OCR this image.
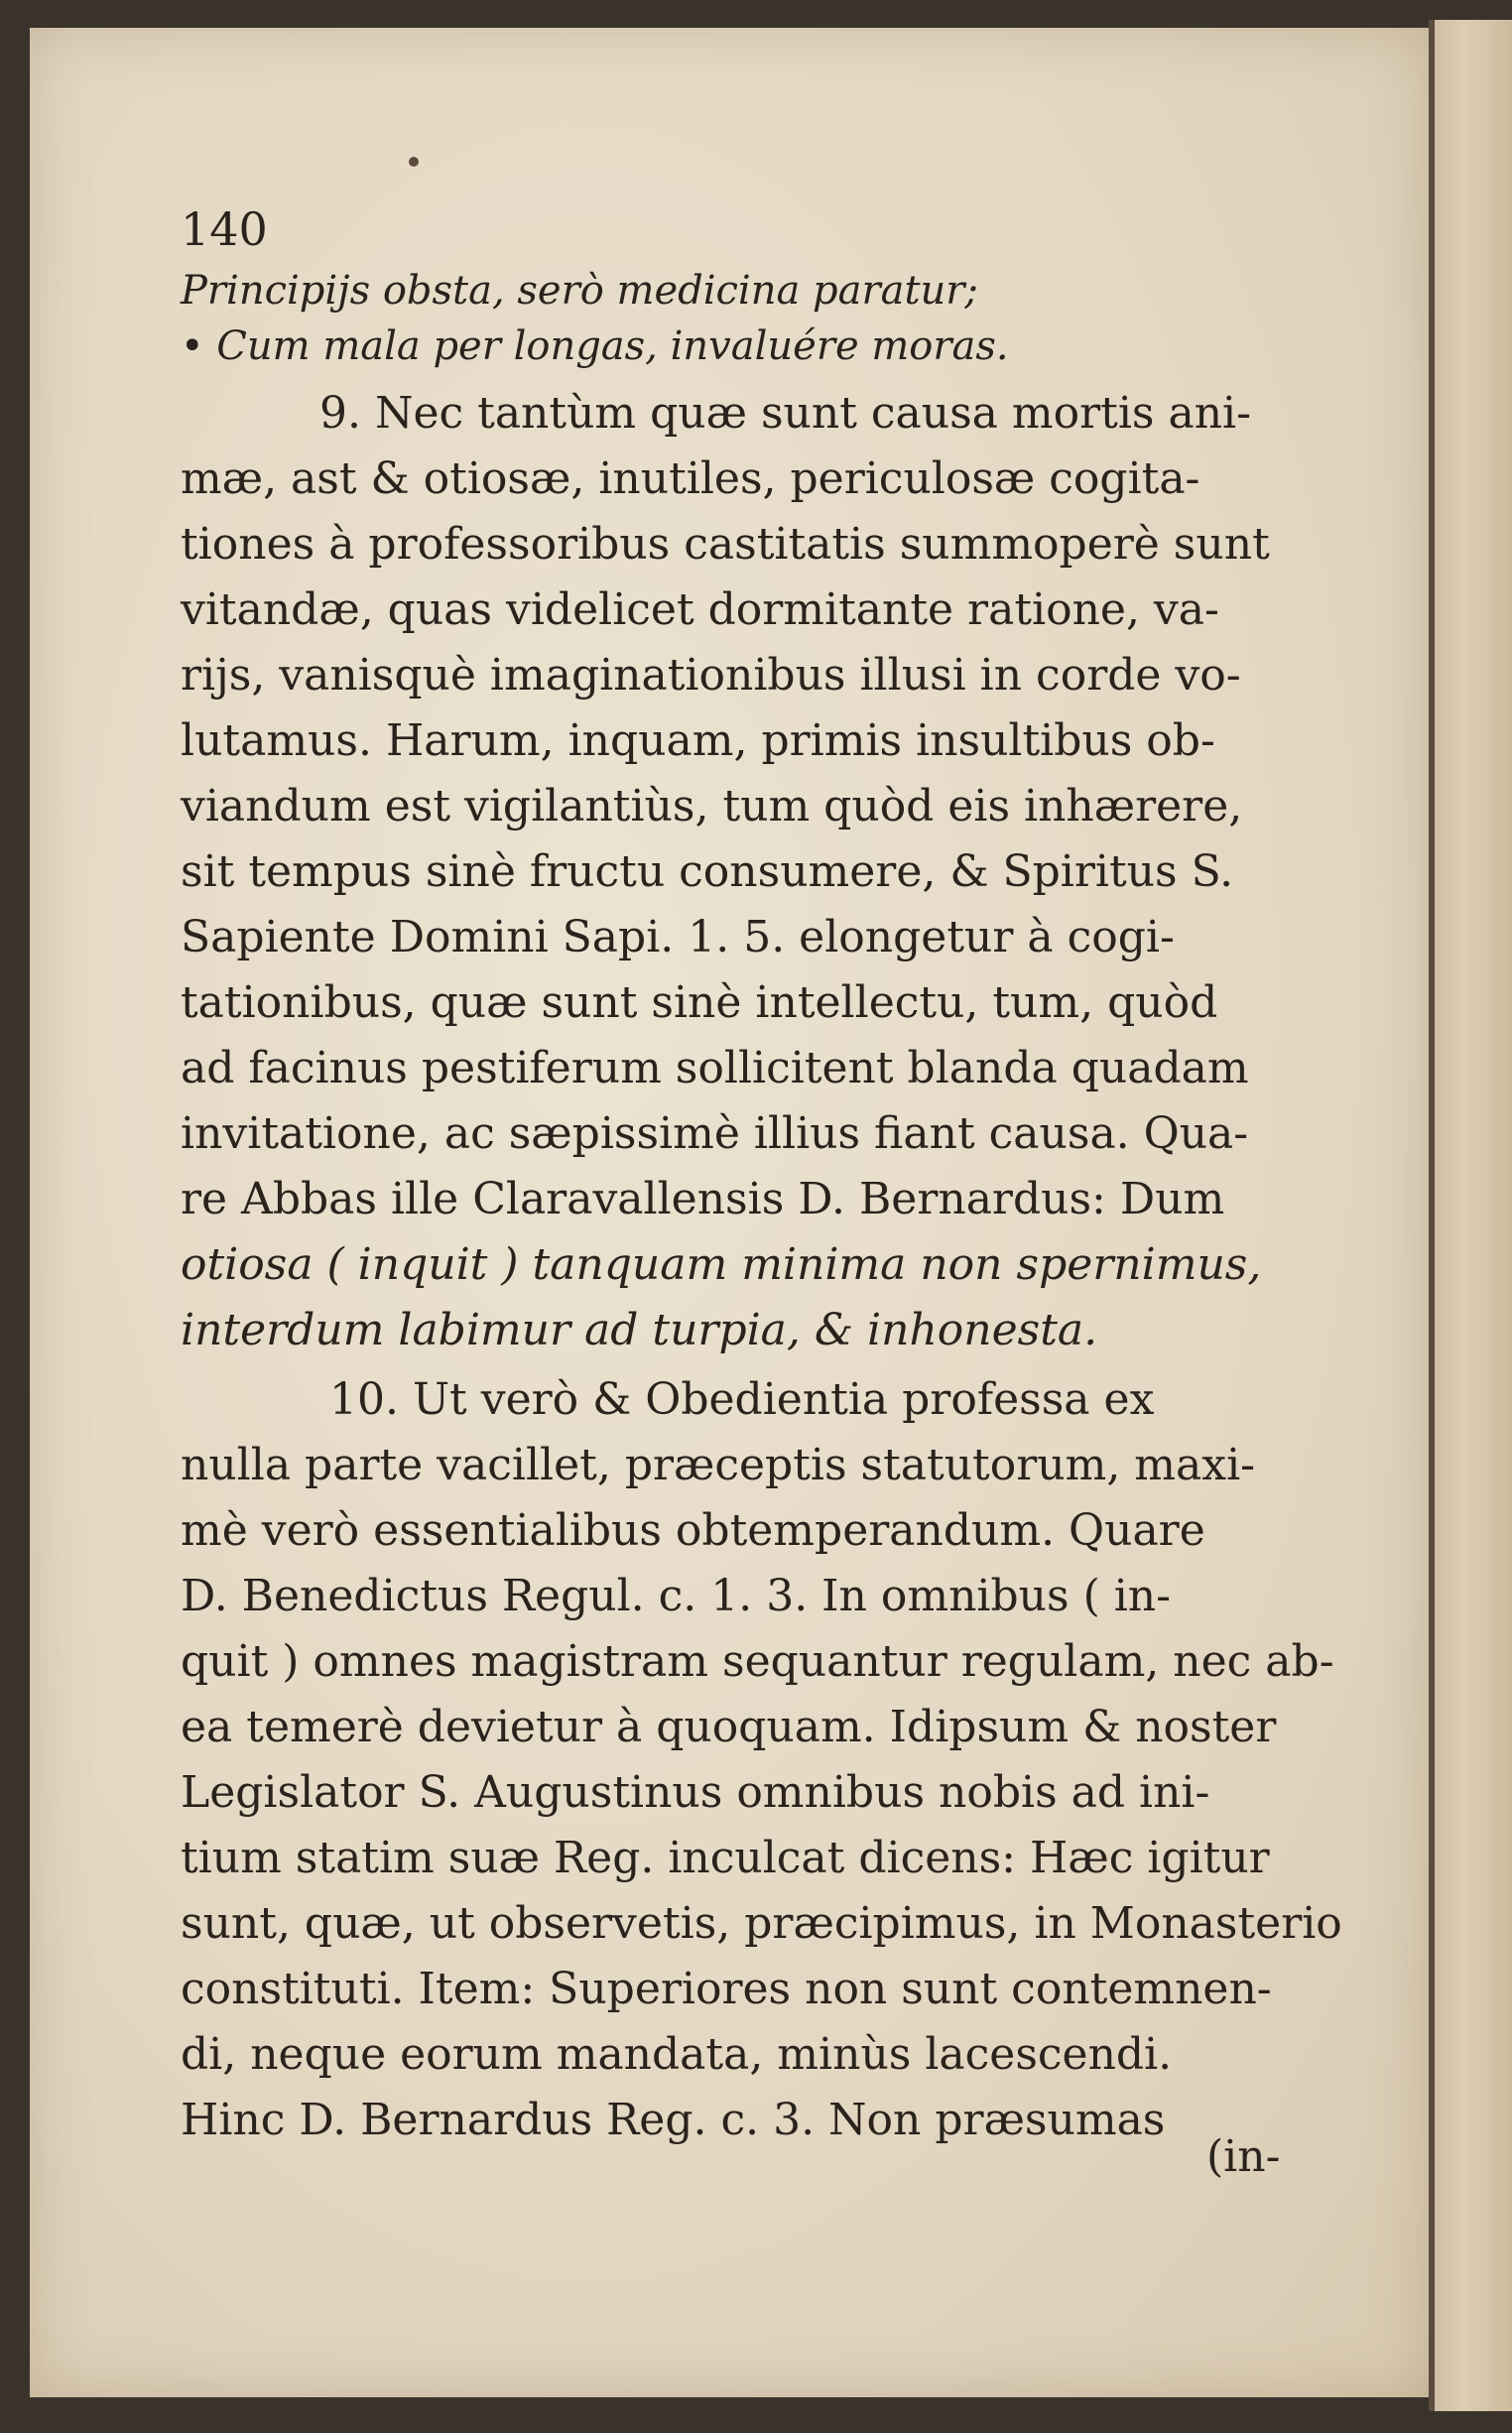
140
Principijs obsta, serò medicina paratur;
• Cum mala per longas, invaluére moras.
9. Nec tantùm quæ sunt causa mortis ani-
mæ, ast & otiosæ, inutiles, periculosæ cogita-
tiones à professoribus castitatis summoperè sunt
vitandæ, quas videlicet dormitante ratione, va-
rijs, vanisquè imaginationibus illusi in corde vo-
lutamus. Harum, inquam, primis insultibus ob-
viandum est vigilantiùs, tum quòd eis inhærere,
sit tempus sinè fructu consumere, & Spiritus S.
Sapiente Domini Sapi. 1. 5. elongetur à cogi-
tationibus, quæ sunt sinè intellectu, tum, quòd
ad facinus pestiferum sollicitent blanda quadam
invitatione, ac sæpissimè illius fiant causa. Qua-
re Abbas ille Claravallensis D. Bernardus: Dum
otiosa ( inquit ) tanquam minima non spernimus,
interdum labimur ad turpia, & inhonesta.
10. Ut verò & Obedientia professa ex
nulla parte vacillet, præceptis statutorum, maxi-
mè verò essentialibus obtemperandum. Quare
D. Benedictus Regul. c. 1. 3. In omnibus ( in-
quit ) omnes magistram sequantur regulam, nec ab-
ea temerè devietur à quoquam. Idipsum & noster
Legislator S. Augustinus omnibus nobis ad ini-
tium statim suæ Reg. inculcat dicens: Hæc igitur
sunt, quæ, ut observetis, præcipimus, in Monasterio
constituti. Item: Superiores non sunt contemnen-
di, neque eorum mandata, minùs lacescendi.
Hinc D. Bernardus Reg. c. 3. Non præsumas
(in-
